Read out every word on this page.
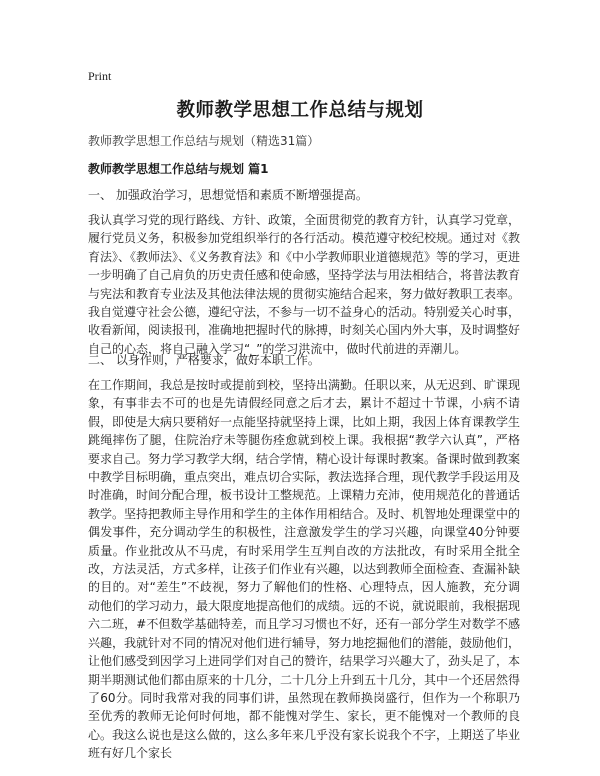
Print
教师教学思想工作总结与规划
教师教学思想工作总结与规划（精选31篇）
教师教学思想工作总结与规划 篇1
一、 加强政治学习，思想觉悟和素质不断增强提高。

我认真学习党的现行路线、方针、政策，全面贯彻党的教育方针，认真学习党章，履行党员义务，积极参加党组织举行的各行活动。模范遵守校纪校规。通过对《教育法》、《教师法》、《义务教育法》和《中小学教师职业道德规范》等的学习，更进一步明确了自己肩负的历史责任感和使命感，坚持学法与用法相结合，将普法教育与宪法和教育专业法及其他法律法规的贯彻实施结合起来，努力做好教职工表率。我自觉遵守社会公德，遵纪守法，不参与一切不益身心的活动。特别爱关心时事，收看新闻，阅读报刊，准确地把握时代的脉搏，时刻关心国内外大事，及时调整好自己的心态，将自己融入学习“_”的学习洪流中，做时代前进的弄潮儿。

二、 以身作则，严格要求，做好本职工作。

在工作期间，我总是按时或提前到校，坚持出满勤。任职以来，从无迟到、旷课现象，有事非去不可的也是先请假经同意之后才去，累计不超过十节课，小病不请假，即使是大病只要稍好一点能坚持就坚持上课，比如上期，我因上体育课教学生跳绳摔伤了腿，住院治疗未等腿伤痊愈就到校上课。我根据“教学六认真”，严格要求自己。努力学习教学大纲，结合学情，精心设计每课时教案。备课时做到教案中教学目标明确，重点突出，难点切合实际，教法选择合理，现代教学手段运用及时准确，时间分配合理，板书设计工整规范。上课精力充沛，使用规范化的普通话教学。坚持把教师主导作用和学生的主体作用相结合。及时、机智地处理课堂中的偶发事件，充分调动学生的积极性，注意激发学生的学习兴趣，向课堂40分钟要质量。作业批改从不马虎，有时采用学生互判自改的方法批改，有时采用全批全改，方法灵活，方式多样，让孩子们作业有兴趣，以达到教师全面检查、查漏补缺的目的。对“差生”不歧视，努力了解他们的性格、心理特点，因人施教，充分调动他们的学习动力，最大限度地提高他们的成绩。远的不说，就说眼前，我根据现六二班，#不但数学基础特差，而且学习习惯也不好，还有一部分学生对数学不感兴趣，我就针对不同的情况对他们进行辅导，努力地挖掘他们的潜能，鼓励他们，让他们感受到因学习上进同学们对自己的赞许，结果学习兴趣大了，劲头足了，本期半期测试他们都由原来的十几分，二十几分上升到五十几分，其中一个还居然得了60分。同时我常对我的同事们讲，虽然现在教师换岗盛行，但作为一个称职乃至优秀的教师无论何时何地，都不能愧对学生、家长，更不能愧对一个教师的良心。我这么说也是这么做的，这么多年来几乎没有家长说我个不字，上期送了毕业班有好几个家长
